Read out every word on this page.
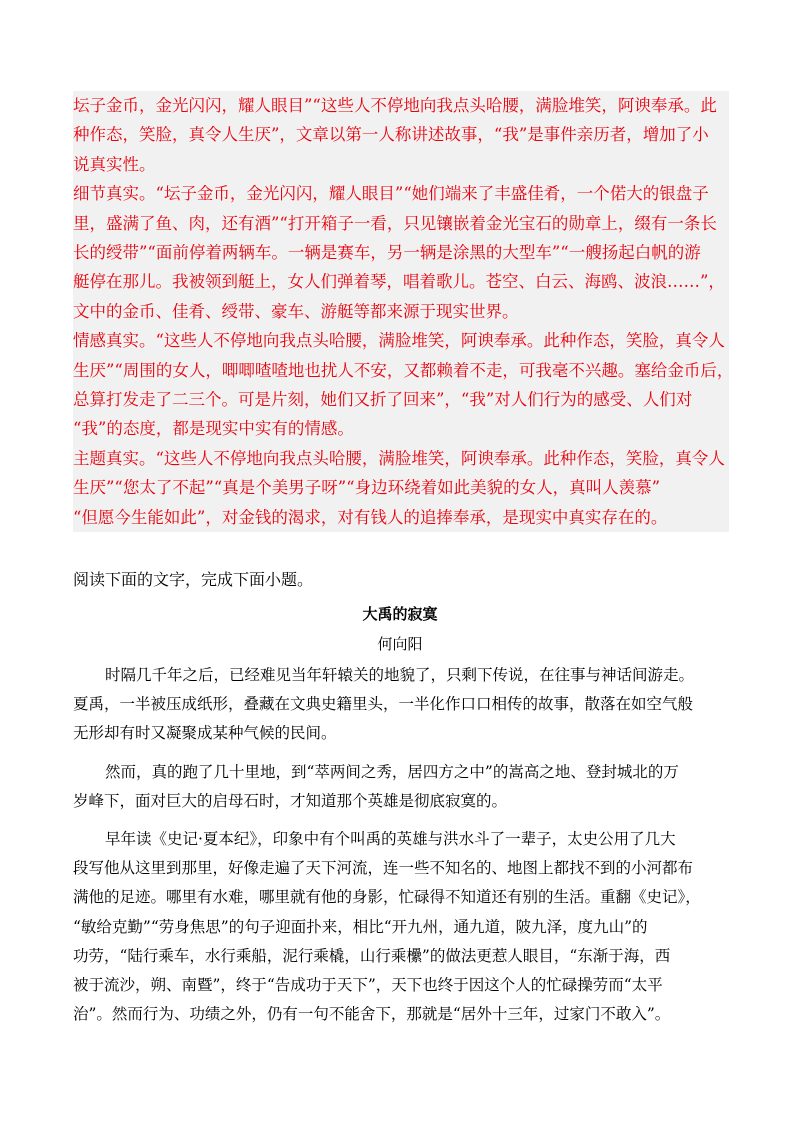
坛子金币，金光闪闪，耀人眼目”“这些人不停地向我点头哈腰，满脸堆笑，阿谀奉承。此
种作态，笑脸，真令人生厌”，文章以第一人称讲述故事，“我”是事件亲历者，增加了小
说真实性。
细节真实。“坛子金币，金光闪闪，耀人眼目”“她们端来了丰盛佳肴，一个偌大的银盘子
里，盛满了鱼、肉，还有酒”“打开箱子一看，只见镶嵌着金光宝石的勋章上，缀有一条长
长的绶带”“面前停着两辆车。一辆是赛车，另一辆是涂黑的大型车”“一艘扬起白帆的游
艇停在那儿。我被领到艇上，女人们弹着琴，唱着歌儿。苍空、白云、海鸥、波浪……”，
文中的金币、佳肴、绶带、豪车、游艇等都来源于现实世界。
情感真实。“这些人不停地向我点头哈腰，满脸堆笑，阿谀奉承。此种作态，笑脸，真令人
生厌”“周围的女人，唧唧喳喳地也扰人不安，又都赖着不走，可我毫不兴趣。塞给金币后，
总算打发走了二三个。可是片刻，她们又折了回来”，“我”对人们行为的感受、人们对
“我”的态度，都是现实中实有的情感。
主题真实。“这些人不停地向我点头哈腰，满脸堆笑，阿谀奉承。此种作态，笑脸，真令人
生厌”“您太了不起”“真是个美男子呀”“身边环绕着如此美貌的女人，真叫人羡慕”
“但愿今生能如此”，对金钱的渴求，对有钱人的追捧奉承，是现实中真实存在的。
阅读下面的文字，完成下面小题。
大禹的寂寞
何向阳
时隔几千年之后，已经难见当年轩辕关的地貌了，只剩下传说，在往事与神话间游走。
夏禹，一半被压成纸形，叠藏在文典史籍里头，一半化作口口相传的故事，散落在如空气般
无形却有时又凝聚成某种气候的民间。
然而，真的跑了几十里地，到“萃两间之秀，居四方之中”的嵩高之地、登封城北的万
岁峰下，面对巨大的启母石时，才知道那个英雄是彻底寂寞的。
早年读《史记·夏本纪》，印象中有个叫禹的英雄与洪水斗了一辈子，太史公用了几大
段写他从这里到那里，好像走遍了天下河流，连一些不知名的、地图上都找不到的小河都布
满他的足迹。哪里有水难，哪里就有他的身影，忙碌得不知道还有别的生活。重翻《史记》，
“敏给克勤”“劳身焦思”的句子迎面扑来，相比“开九州，通九道，陂九泽，度九山”的
功劳，“陆行乘车，水行乘船，泥行乘橇，山行乘欙”的做法更惹人眼目，“东渐于海，西
被于流沙，朔、南暨”，终于“告成功于天下”，天下也终于因这个人的忙碌操劳而“太平
治”。然而行为、功绩之外，仍有一句不能舍下，那就是“居外十三年，过家门不敢入”。
